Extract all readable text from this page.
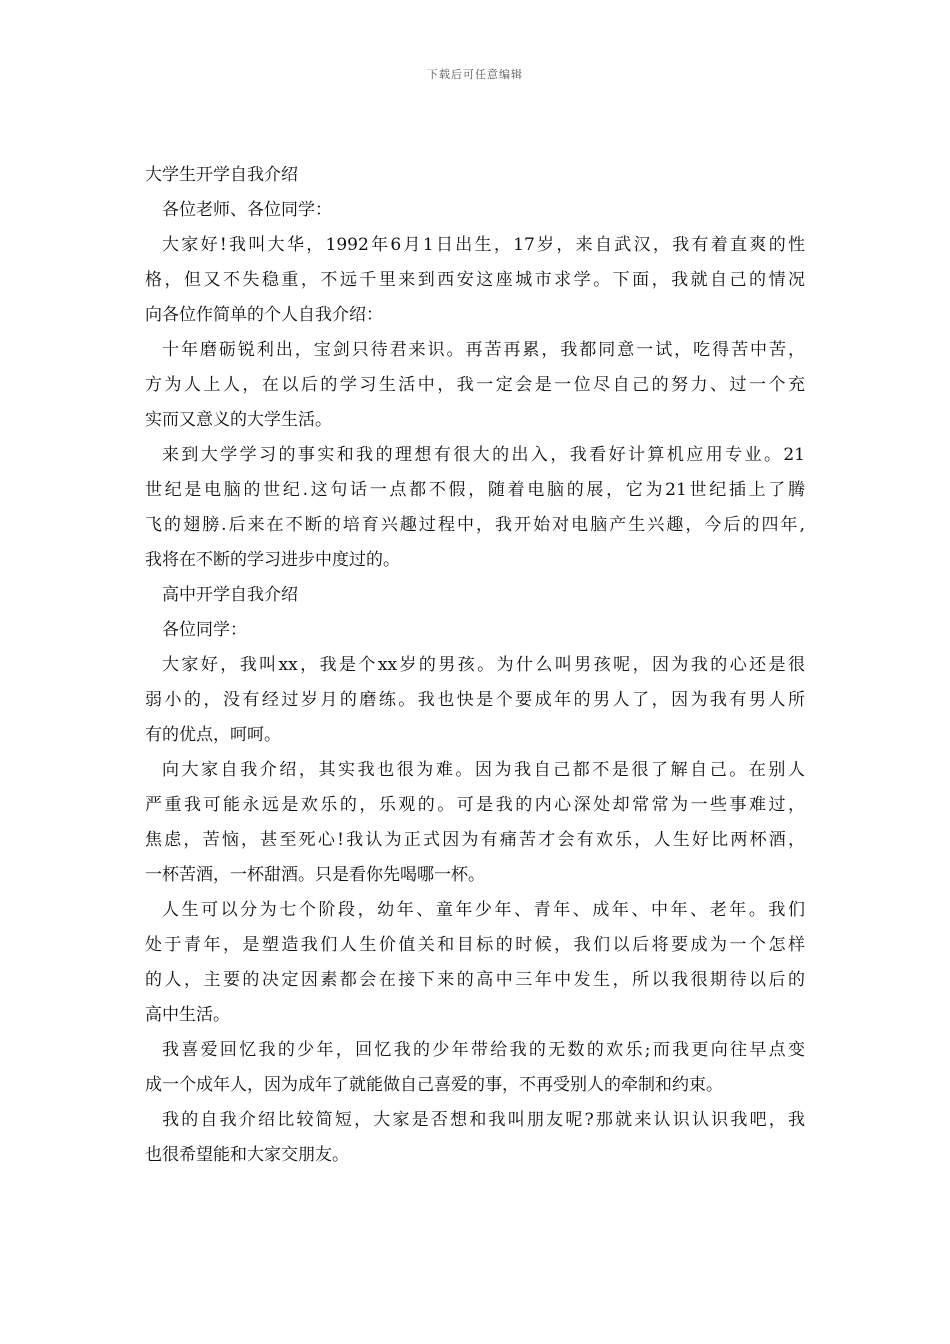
下载后可任意编辑
大学生开学自我介绍
各位老师、各位同学：
大家好!我叫大华，1992年6月1日出生，17岁，来自武汉，我有着直爽的性
格，但又不失稳重，不远千里来到西安这座城市求学。下面，我就自己的情况
向各位作简单的个人自我介绍：
十年磨砺锐利出，宝剑只待君来识。再苦再累，我都同意一试，吃得苦中苦，
方为人上人，在以后的学习生活中，我一定会是一位尽自己的努力、过一个充
实而又意义的大学生活。
来到大学学习的事实和我的理想有很大的出入，我看好计算机应用专业。21
世纪是电脑的世纪.这句话一点都不假，随着电脑的展，它为21世纪插上了腾
飞的翅膀.后来在不断的培育兴趣过程中，我开始对电脑产生兴趣，今后的四年,
我将在不断的学习进步中度过的。
高中开学自我介绍
各位同学：
大家好，我叫xx，我是个xx岁的男孩。为什么叫男孩呢，因为我的心还是很
弱小的，没有经过岁月的磨练。我也快是个要成年的男人了，因为我有男人所
有的优点，呵呵。
向大家自我介绍，其实我也很为难。因为我自己都不是很了解自己。在别人
严重我可能永远是欢乐的，乐观的。可是我的内心深处却常常为一些事难过，
焦虑，苦恼，甚至死心!我认为正式因为有痛苦才会有欢乐，人生好比两杯酒，
一杯苦酒，一杯甜酒。只是看你先喝哪一杯。
人生可以分为七个阶段，幼年、童年少年、青年、成年、中年、老年。我们
处于青年，是塑造我们人生价值关和目标的时候，我们以后将要成为一个怎样
的人，主要的决定因素都会在接下来的高中三年中发生，所以我很期待以后的
高中生活。
我喜爱回忆我的少年，回忆我的少年带给我的无数的欢乐;而我更向往早点变
成一个成年人，因为成年了就能做自己喜爱的事，不再受别人的牵制和约束。
我的自我介绍比较简短，大家是否想和我叫朋友呢?那就来认识认识我吧，我
也很希望能和大家交朋友。
